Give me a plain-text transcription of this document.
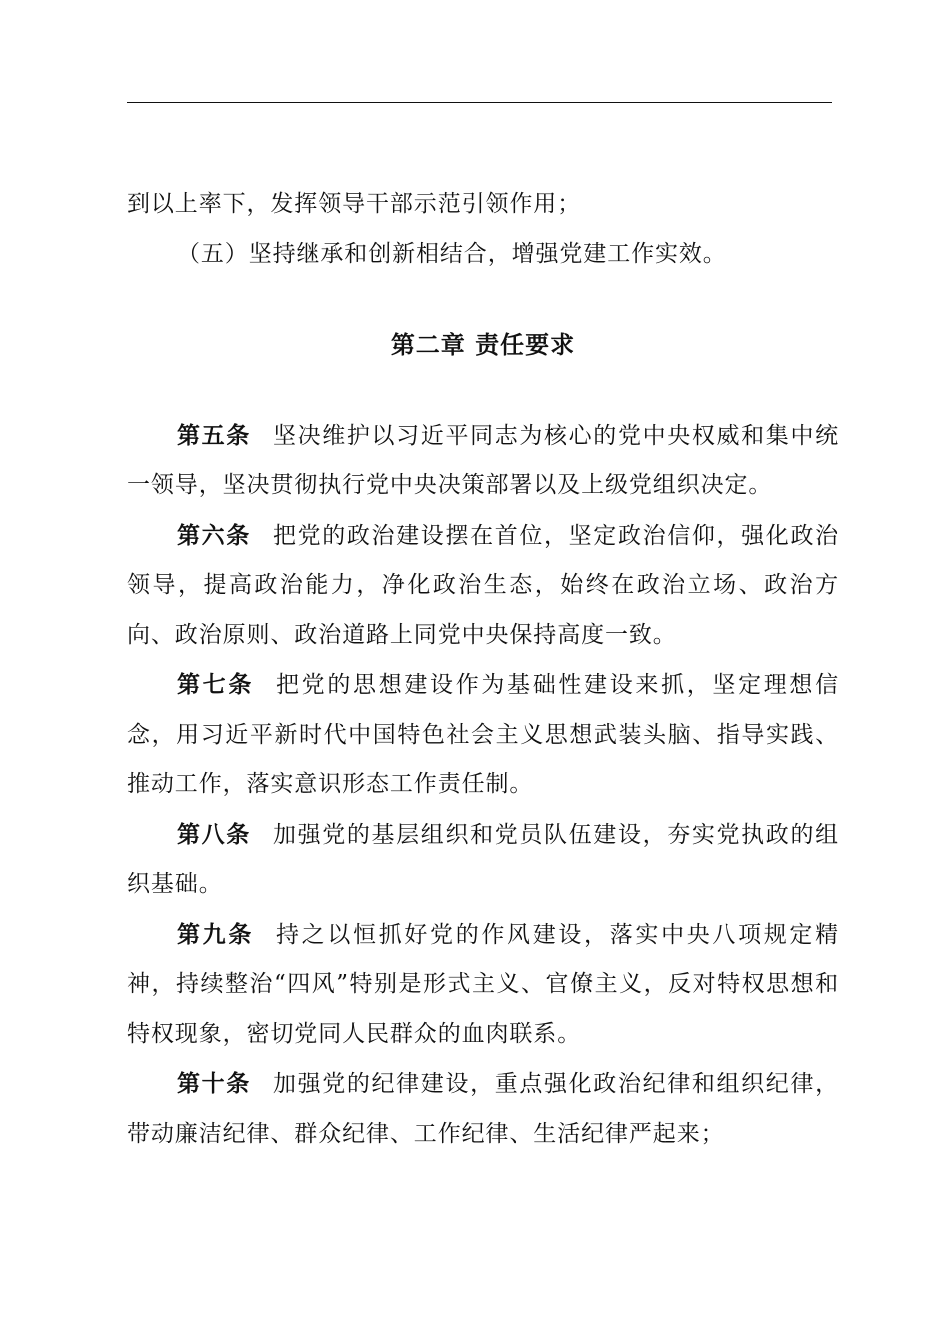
到以上率下，发挥领导干部示范引领作用；

（五）坚持继承和创新相结合，增强党建工作实效。

第二章 责任要求

第五条 坚决维护以习近平同志为核心的党中央权威和集中统一领导，坚决贯彻执行党中央决策部署以及上级党组织决定。

第六条 把党的政治建设摆在首位，坚定政治信仰，强化政治领导，提高政治能力，净化政治生态，始终在政治立场、政治方向、政治原则、政治道路上同党中央保持高度一致。

第七条 把党的思想建设作为基础性建设来抓，坚定理想信念，用习近平新时代中国特色社会主义思想武装头脑、指导实践、推动工作，落实意识形态工作责任制。

第八条 加强党的基层组织和党员队伍建设，夯实党执政的组织基础。

第九条 持之以恒抓好党的作风建设，落实中央八项规定精神，持续整治“四风”特别是形式主义、官僚主义，反对特权思想和特权现象，密切党同人民群众的血肉联系。

第十条 加强党的纪律建设，重点强化政治纪律和组织纪律，带动廉洁纪律、群众纪律、工作纪律、生活纪律严起来；
